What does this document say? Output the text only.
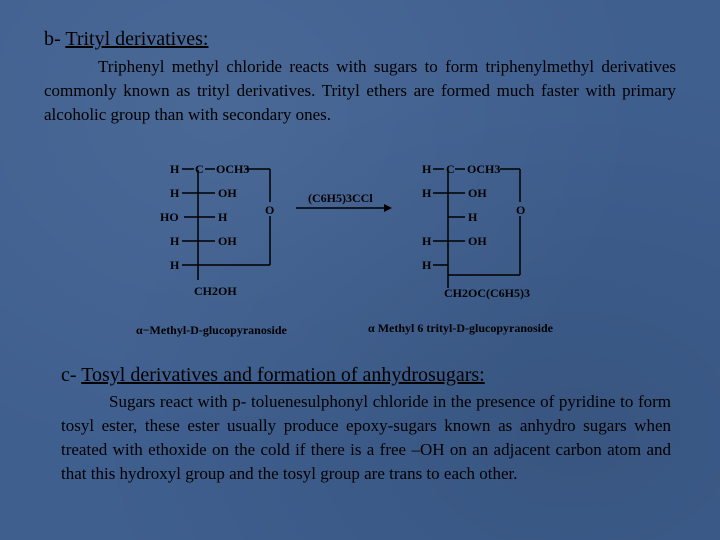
b- Trityl derivatives:
Triphenyl methyl chloride reacts with sugars to form triphenylmethyl derivatives commonly known as trityl derivatives. Trityl ethers are formed much faster with primary alcoholic group than with secondary ones.
H C OCH3
H	OH
HO	H
H	OH
H
O
CH2OH
α−Methyl-D-glucopyranoside
(C6H5)3CCl
H C OCH3
H	OH
H
H	OH
H
O
CH2OC(C6H5)3
α Methyl 6 trityl-D-glucopyranoside
c- Tosyl derivatives and formation of anhydrosugars:
Sugars react with p- toluenesulphonyl chloride in the presence of pyridine to form tosyl ester, these ester usually produce epoxy-sugars known as anhydro sugars when treated with ethoxide on the cold if there is a free –OH on an adjacent carbon atom and that this hydroxyl group and the tosyl group are trans to each other.
